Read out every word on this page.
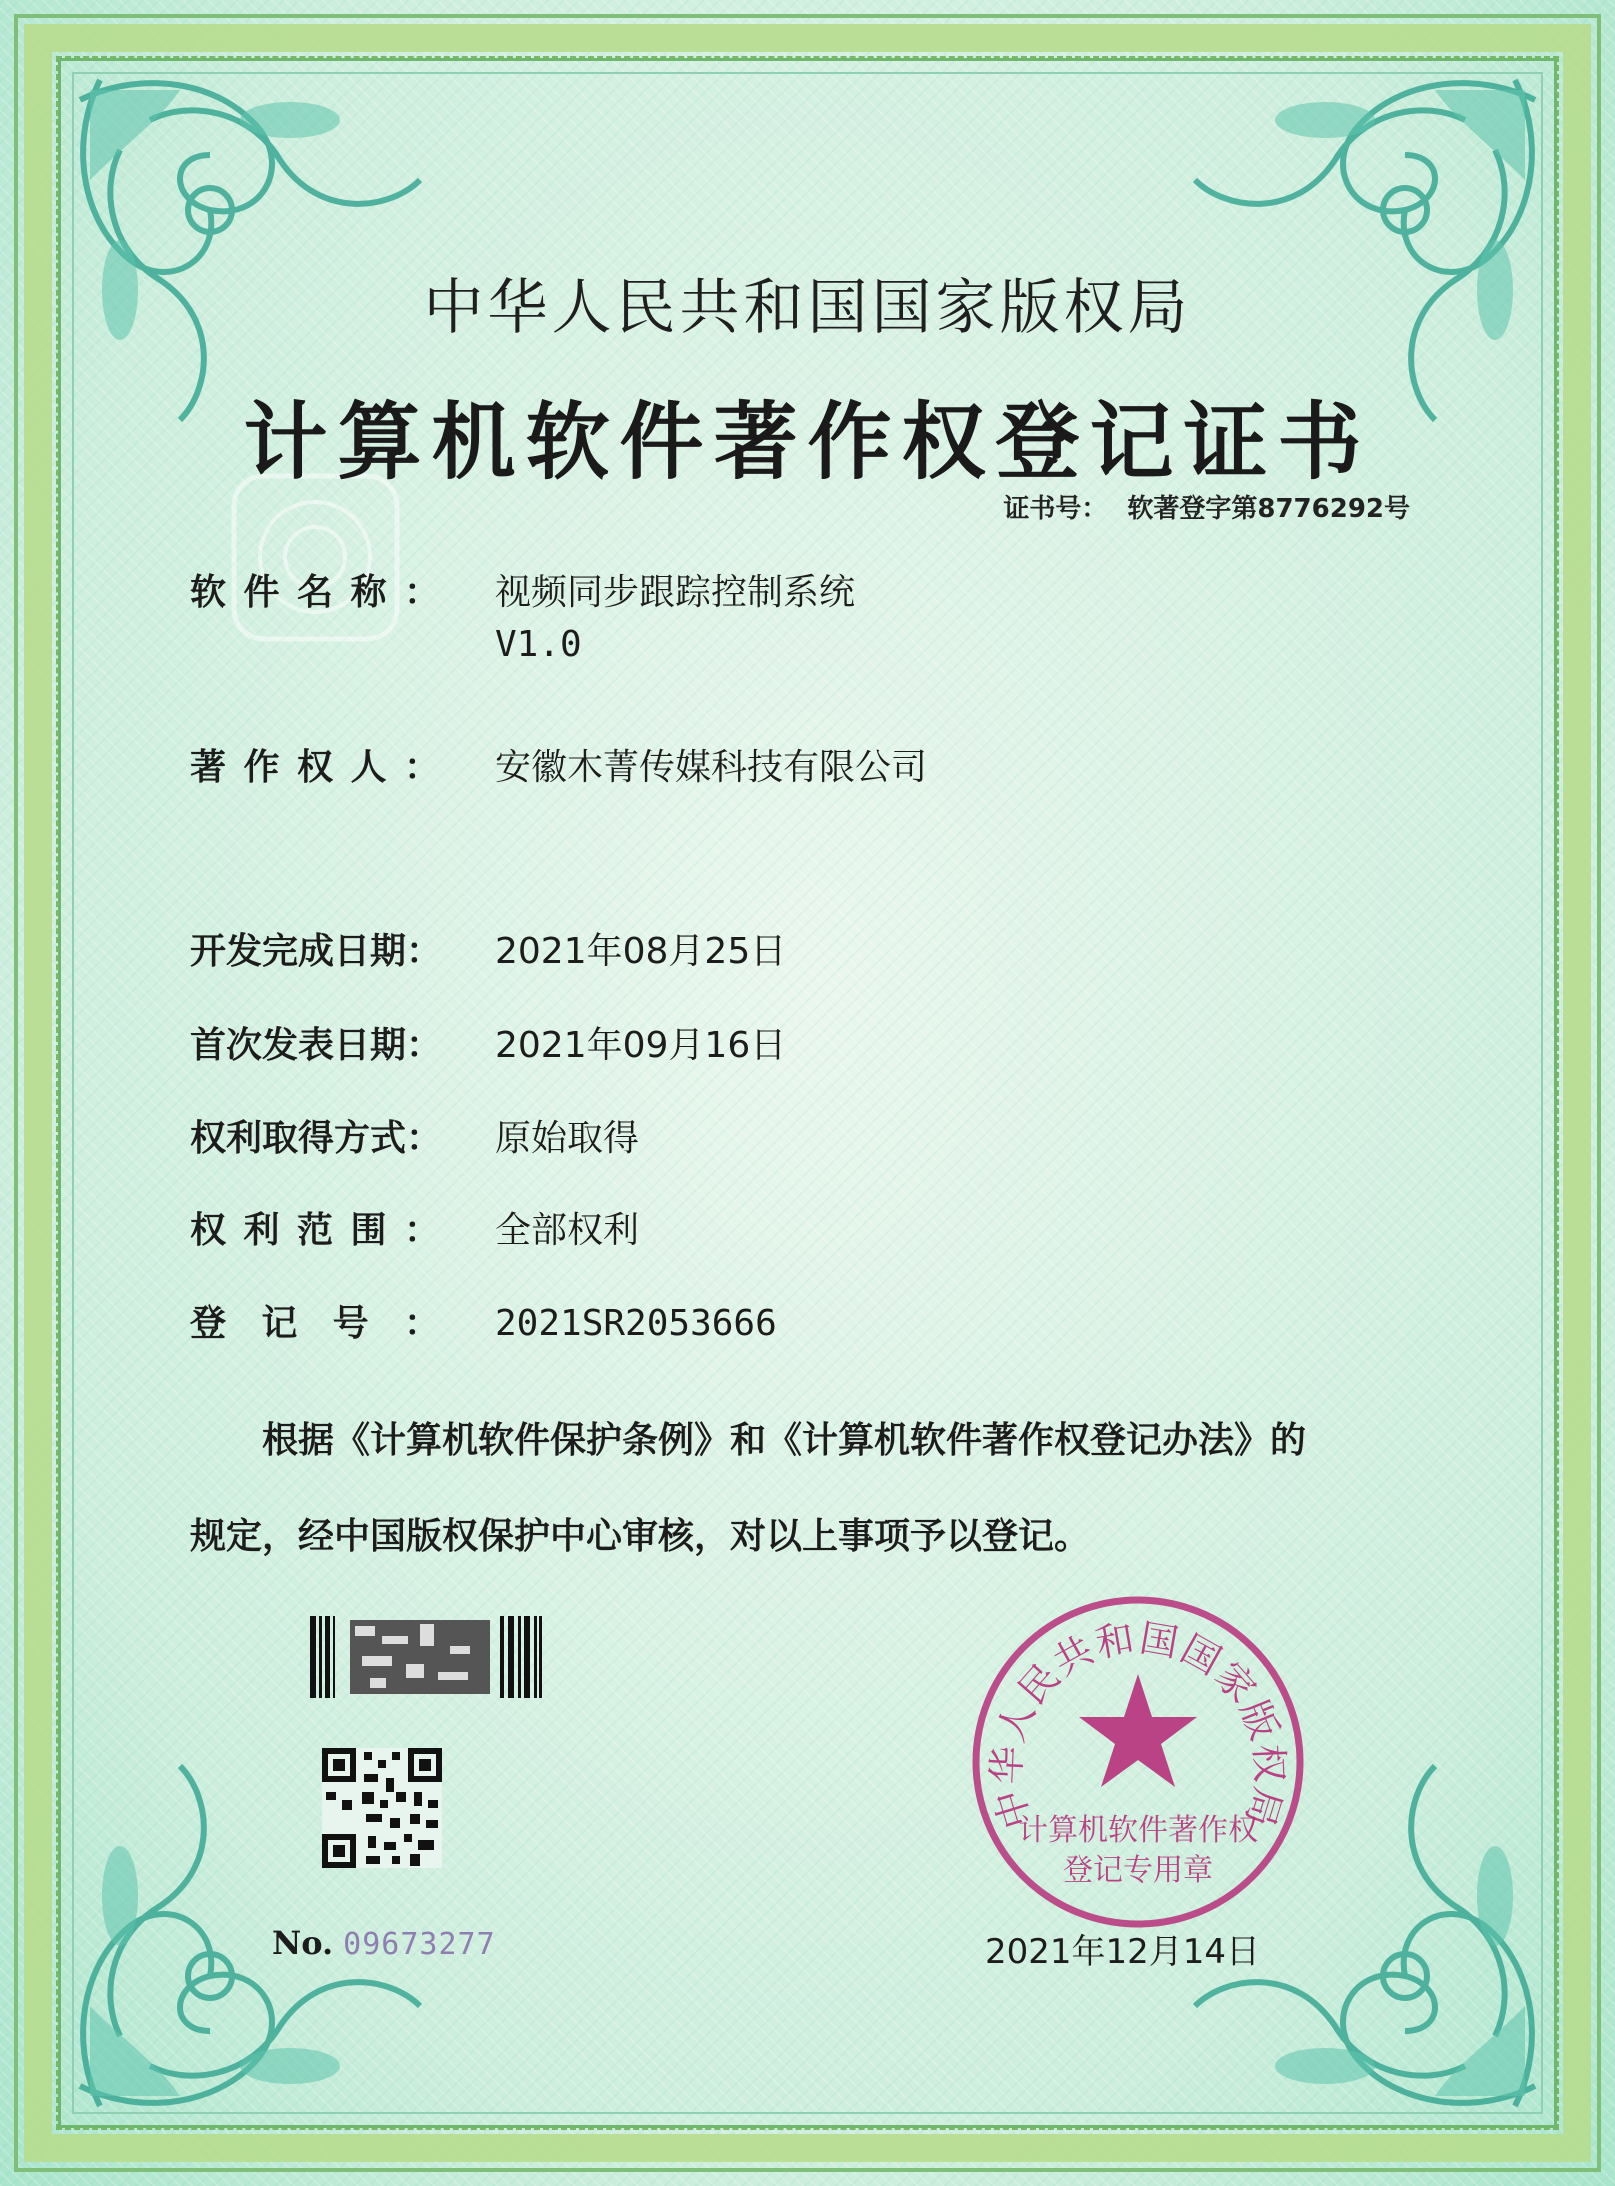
中华人民共和国国家版权局
计算机软件著作权登记证书
证书号： 软著登字第8776292号
软 件 名 称 ： 视频同步跟踪控制系统
V1.0
著 作 权 人 ： 安徽木菁传媒科技有限公司
开发完成日期：	2021年08月25日
首次发表日期：	2021年09月16日
权利取得方式：	原始取得
权 利 范 围 ： 全部权利
登 记 号 ： 2021SR2053666
根据《计算机软件保护条例》和《计算机软件著作权登记办法》的
规定，经中国版权保护中心审核，对以上事项予以登记。
No. 09673277
中华人民共和国国家版权局
计算机软件著作权
登记专用章
2021年12月14日
